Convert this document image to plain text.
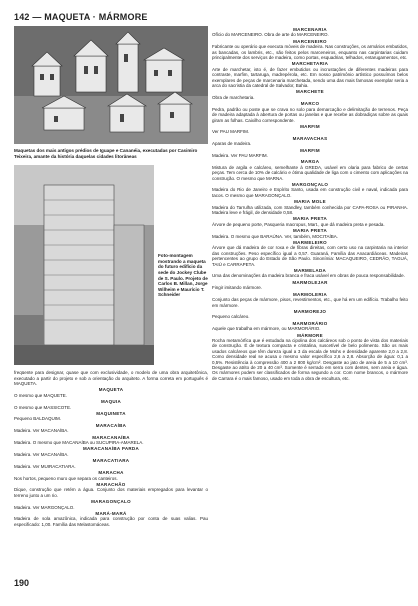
142 — MAQUETA · MÁRMORE
Maquetas dos mais antigos prédios de Iguape e Cananéia, executadas por Casimiro Teixeira, amante da história daquelas cidades litorâneas
Foto-montagem mostrando a maqueta do futuro edifício da sede do Jockey Clube de S. Paulo. Projeto de Carlos B. Millan, Jorge Wilheim e Maurício T. Schneider
freqüente para designar, quase que com exclusividade, o modelo de uma obra arquitetônica, executado a partir do projeto e sob a orientação do arquiteto. A forma correta em português é MAQUETA.
MAQUETA
O mesmo que MAQUETE.
MAQUIA
O mesmo que MASSICOTE.
MAQUINETA
Pequeno BALDAQUIM.
MARACAÍBA
Madeira. Ver MACANAÍBA.
MARACANAÍBA
Madeira. O mesmo que MACANAÍBA ou SUCUPIRA-AMARELA.
MARACANAÍBA PARDA
Madeira. Ver MACANAÍBA.
MARACATIARA
Madeira. Ver MUIRACATIARA.
MARACHA
Nos hortos, pequeno muro que separa os canteiros.
MARACHÃO
Dique, construção que retém a água. Conjunto dos materiais empregados para levantar o terreno junto a um rio.
MARAGONÇALO
Madeira. Ver MARGONÇALO.
MARÁ-MARÁ
Madeira de sola amazônica, indicada para construção por conta de suas valias. Pau especificado: 1,00. Família das Melastomáceas.
MARCENARIA
Ofício do MARCENEIRO. Obra de arte do MARCENEIRO.
MARCENEIRO
Fabricante ou operário que executa móveis de madeira. Nas construções, os armários embutidos, as bancadas, os lambris, etc., são feitos pelos marceneiros, enquanto nas carpintarias cuidam principalmente dos serviços de madeira, como portas, esquadrias, telhados, entarugamentos, etc.
MARCHETARIA
Arte de marchetar, isto é, de fazer embutidos ou incrustações de diferentes madeiras para contraste, marfim, tartaruga, madrepérola, etc. Em nosso patrimônio artístico possuímos belos exemplares de peças de marcenaria marchetada, sendo uma das mais famosas exemplar seria a arca do sacristia da catedral de Salvador, Bahia.
MARCHETE
Obra de marchetaria.
MARCO
Pedra, padrão ou poste que se crava no solo para demarcação e delimitação de terrenos. Peça de madeira adaptada à abertura de portas ou janelas e que recebe as dobradiças sobre as quais giram as folhas. Caixilho correspondente.
MARFIM
Ver PAU MARFIM.
MARAVACHAS
Aparas de madeira.
MARFIM
Madeira. Ver PAU MARFIM.
MARGA
Mistura de argila e calcáreo, semelhante à GREDA, usável em olaria para fabrico de certas peças. Tem cerca de 10% de calcário e ótima qualidade de liga com o cimento com aplicações na construção. O mesmo que MARNA.
MARGONÇALO
Madeira do Rio de Janeiro e Espírito Santo, usada em construção civil e naval, indicada para tacos. O mesmo que MARAGONÇALO.
MARIA MOLE
Madeira do Tarrulha utilizada, com Standley, também conhecida por CAPA-ROSA ou PIRANHA. Madeira leve e frágil, de densidade 0,58.
MARIA PRETA
Árvore de pequeno porte, Pasqueria macropus, Mart., que dá madeira preta e pesada.
MARIA PRETA
Madeira. O mesmo que BARAÚNA. Ver, também, MOCITAÍBA.
MARMELEIRO
Árvore que dá madeira de cor roxa e de fibras direitas, com certo uso na carpintaria na interior das construções. Peso específico igual a 0,57. Guaraná, Família das Anacardiáceas. Madeiras pertencentes ao grupo do Estado de São Paulo. Sinonímia: MACAQUEIRO, CEDRÃO, TAGUÁ, TAIÚ e CARRAPETA.
MARMELADA
Uma das denominações da madeira branca e fraca usável em obras de pouca responsabilidade.
MARMOLEJAR
Fingir imitando mármore.
MARMOLERIA
Conjunto das peças de mármore, pisos, revestimentos, etc., que há em um edifício. Trabalho feito em mármore.
MARMOREJO
Pequeno calcáreo.
MARMORÁRIO
Aquele que trabalha em mármore, ou MARMORÁRIO.
MÁRMORE
Rocha metamórfica que é estudada na cipolina dos calcáreos sob o ponto de vista dos materiais de construção. É de textura compacta e cristalina, suscetível de belo polimento. São os mais usados calcáreos que têm dureza igual a 3 da escala de Mohs e densidade aparente 2,0 a 2,8. Como densidade real se acusa o mesmo valor específico 2,6 a 2,8. Absorção de água: 0,1 a 0,5%. Resistência à compressão 400 a 2 800 kg/cm². Desgaste ao jato de areia de 5 a 10 cm³. Desgaste ao atrito de 20 a 40 cm³. Somente é serrado em serra com dentes, sem areia e água. Os mármores podem ser classificados de forma segundo a cor. Com nome brancos, o mármore de Carrara é o mais famoso, usado em toda a obra de escultura, etc.
190
